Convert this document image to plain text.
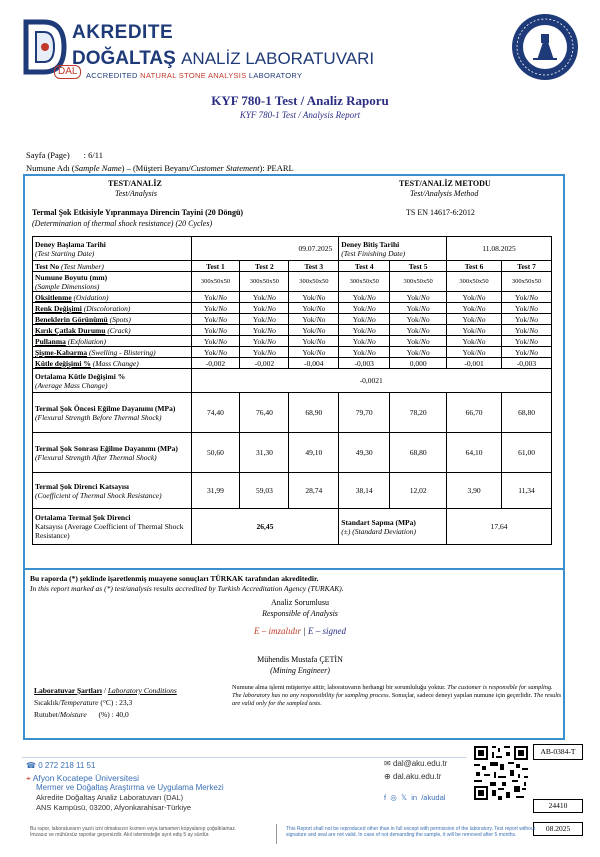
AKREDITE
DOĞALTAŞ ANALİZ LABORATUVARI
ACCREDITED NATURAL STONE ANALYSIS LABORATORY
DAL
KYF 780-1 Test / Analiz Raporu
KYF 780-1 Test / Analysis Report
Sayfa (Page) : 6/11
Numune Adı (Sample Name) – (Müşteri Beyanı/Customer Statement): PEARL
TEST/ANALİZ
Test/Analysis
TEST/ANALİZ METODU
Test/Analysis Method
Termal Şok Etkisiyle Yıpranmaya Direncin Tayini (20 Döngü)
(Determination of thermal shock resistance) (20 Cycles)
TS EN 14617-6:2012
Deney Başlama Tarihi
(Test Starting Date)	09.07.2025			Deney Bitiş Tarihi
(Test Finishing Date)		11.08.2025	
Test No (Test Number)	Test 1	Test 2	Test 3	Test 4	Test 5	Test 6	Test 7
Numune Boyutu (mm)
(Sample Dimensions)	300x50x50	300x50x50	300x50x50	300x50x50	300x50x50	300x50x50	300x50x50
Oksitlenme (Oxidation)	Yok/No	Yok/No	Yok/No	Yok/No	Yok/No	Yok/No	Yok/No
Renk Değişimi (Discoloration)	Yok/No	Yok/No	Yok/No	Yok/No	Yok/No	Yok/No	Yok/No
Beneklerin Görünümü (Spots)	Yok/No	Yok/No	Yok/No	Yok/No	Yok/No	Yok/No	Yok/No
Kırık Çatlak Durumu (Crack)	Yok/No	Yok/No	Yok/No	Yok/No	Yok/No	Yok/No	Yok/No
Pullanma (Exfoliation)	Yok/No	Yok/No	Yok/No	Yok/No	Yok/No	Yok/No	Yok/No
Şişme-Kabarma (Swelling - Blistering)	Yok/No	Yok/No	Yok/No	Yok/No	Yok/No	Yok/No	Yok/No
Kütle değişimi % (Mass Change)	-0,002	-0,002	-0,004	-0,003	0,000	-0,001	-0,003
Ortalama Kütle Değişimi %
(Average Mass Change)	-0,0021						
Termal Şok Öncesi Eğilme Dayanımı (MPa) (Flexural Strength Before Thermal Shock)	74,40	76,40	68,90	79,70	78,20	66,70	68,80
Termal Şok Sonrası Eğilme Dayanımı (MPa) (Flexural Strength After Thermal Shock)	50,60	31,30	49,10	49,30	68,80	64,10	61,00
Termal Şok Direnci Katsayısı
(Coefficient of Thermal Shock Resistance)	31,99	59,03	28,74	38,14	12,02	3,90	11,34
Ortalama Termal Şok Direnci
Katsayısı (Average Coefficient of Thermal Shock Resistance)	26,45			Standart Sapma (MPa)
(±) (Standard Deviation)		17,64	
Bu raporda (*) şeklinde işaretlenmiş muayene sonuçları TÜRKAK tarafından akreditedir.
In this report marked as (*) test/analysis results accredited by Turkish Accreditation Agency (TURKAK).
Analiz Sorumlusu
Responsible of Analysis
E – imzalıdır | E – signed
Mühendis Mustafa ÇETİN
(Mining Engineer)
Laboratuvar Şartları / Laboratory Conditions
Sıcaklık/Temperature (°C) : 23,3
Rutubet/Moisture (%) : 40,0
Numune alma işlemi müşteriye aittir, laboratuvarın herhangi bir sorumluluğu yoktur. The customer is responsible for sampling. The laboratory has no any responsibility for sampling process. Sonuçlar, sadece deneyi yapılan numune için geçerlidir. The results are valid only for the sampled tests.
☎ 0 272 218 11 51
⌖ Afyon Kocatepe Üniversitesi
Mermer ve Doğaltaş Araştırma ve Uygulama Merkezi
Akredite Doğaltaş Analiz Laboratuvarı (DAL)
ANS Kampüsü, 03200, Afyonkarahisar-Türkiye
✉ dal@aku.edu.tr
⊕ dal.aku.edu.tr
f ◎ 𝕏 in /akudal
AB-0384-T
24410
08.2025
Bu rapor, laboratuvarın yazılı izni olmaksızın kısmen veya tamamen kopyalanıp çoğaltılamaz. İmzasız ve mühürsüz raporlar geçersizdir. Akıl istemindeğe ayrıt ediş 5 ay sürdür.
This Report shall not be reproduced other than in full except with permission of the laboratory. Test report without signature and seal are not valid. In case of not demanding the sample, it will be removed after 5 months.
